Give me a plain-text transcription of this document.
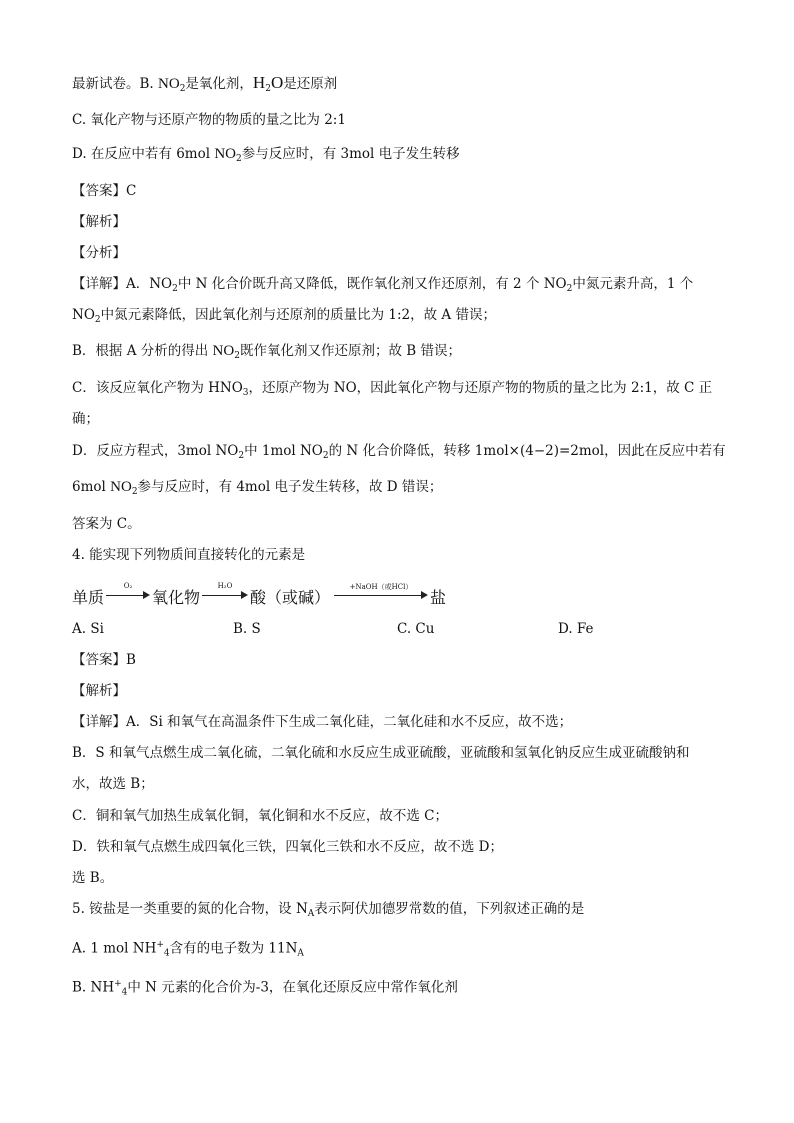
最新试卷。B. $NO_2$是氧化剂，$H_2O$是还原剂
C. 氧化产物与还原产物的物质的量之比为 2:1
D. 在反应中若有 6mol $NO_2$参与反应时，有 3mol 电子发生转移
【答案】C
【解析】
【分析】
【详解】A．$NO_2$中 N 化合价既升高又降低，既作氧化剂又作还原剂，有 2 个 $NO_2$中氮元素升高，1 个
$NO_2$中氮元素降低，因此氧化剂与还原剂的质量比为 1:2，故 A 错误；
B．根据 A 分析的得出 $NO_2$既作氧化剂又作还原剂；故 B 错误；
C．该反应氧化产物为 $HNO_3$，还原产物为 NO，因此氧化产物与还原产物的物质的量之比为 2:1，故 C 正
确；
D．反应方程式，3mol $NO_2$中 1mol $NO_2$的 N 化合价降低，转移 1mol×(4−2)=2mol，因此在反应中若有
6mol $NO_2$参与反应时，有 4mol 电子发生转移，故 D 错误；
答案为 C。
4. 能实现下列物质间直接转化的元素是
单质
O₂
氧化物
H₂O
酸（或碱）
+NaOH（或HCl）
盐
A. Si	B. S	C. Cu	D. Fe
【答案】B
【解析】
【详解】A．Si 和氧气在高温条件下生成二氧化硅，二氧化硅和水不反应，故不选；
B．S 和氧气点燃生成二氧化硫，二氧化硫和水反应生成亚硫酸，亚硫酸和氢氧化钠反应生成亚硫酸钠和
水，故选 B；
C．铜和氧气加热生成氧化铜，氧化铜和水不反应，故不选 C；
D．铁和氧气点燃生成四氧化三铁，四氧化三铁和水不反应，故不选 D；
选 B。
5. 铵盐是一类重要的氮的化合物，设 $N_A$表示阿伏加德罗常数的值，下列叙述正确的是
A. 1 mol $NH^+_4$含有的电子数为 $11N_A$
B. $NH^+_4$中 N 元素的化合价为-3，在氧化还原反应中常作氧化剂
